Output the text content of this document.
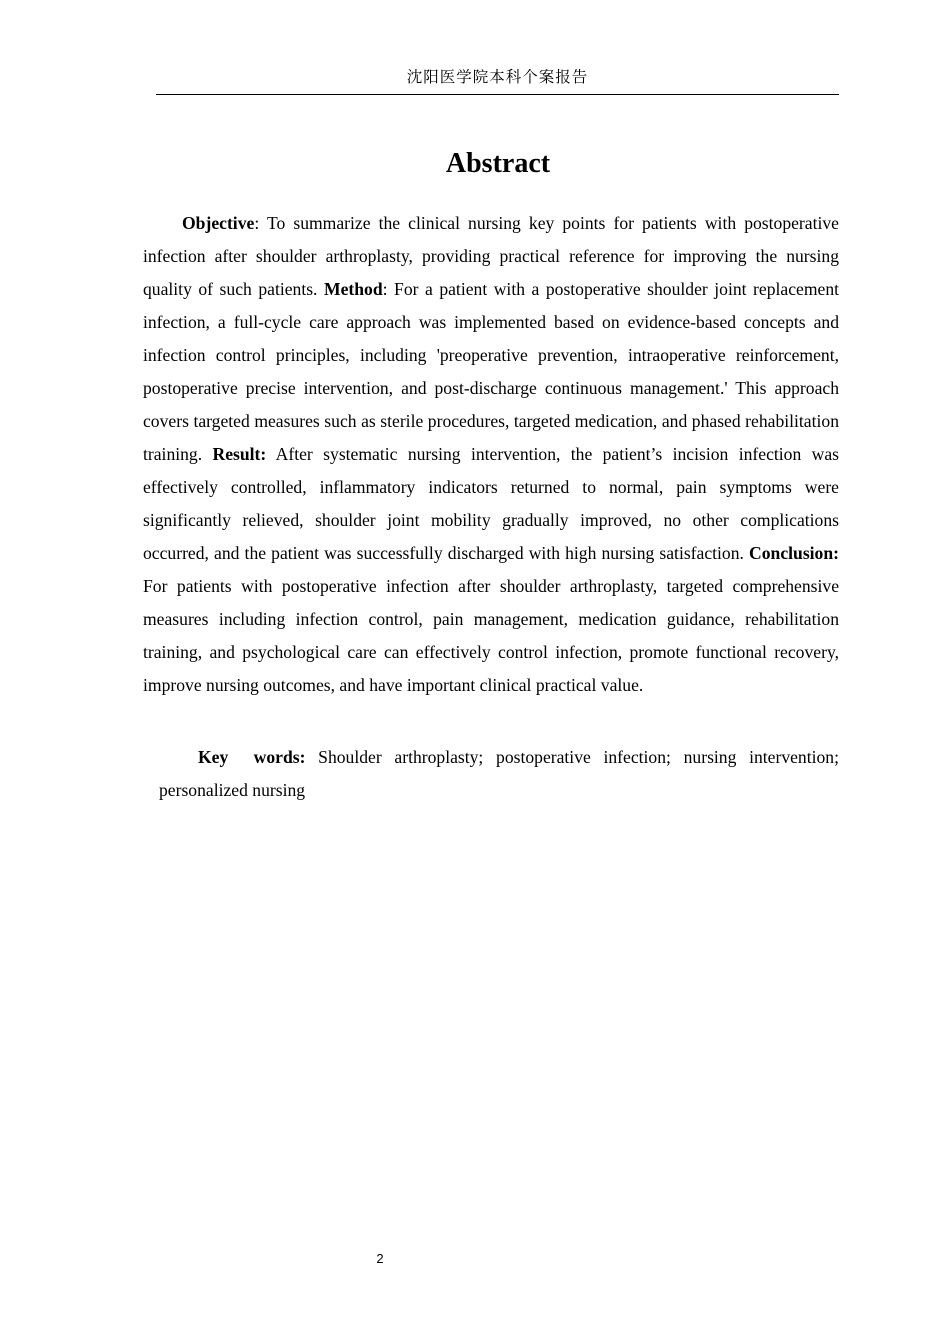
沈阳医学院本科个案报告
Abstract

Objective: To summarize the clinical nursing key points for patients with postoperative infection after shoulder arthroplasty, providing practical reference for improving the nursing quality of such patients. Method: For a patient with a postoperative shoulder joint replacement infection, a full-cycle care approach was implemented based on evidence-based concepts and infection control principles, including 'preoperative prevention, intraoperative reinforcement, postoperative precise intervention, and post-discharge continuous management.' This approach covers targeted measures such as sterile procedures, targeted medication, and phased rehabilitation training. Result: After systematic nursing intervention, the patient’s incision infection was effectively controlled, inflammatory indicators returned to normal, pain symptoms were significantly relieved, shoulder joint mobility gradually improved, no other complications occurred, and the patient was successfully discharged with high nursing satisfaction. Conclusion: For patients with postoperative infection after shoulder arthroplasty, targeted comprehensive measures including infection control, pain management, medication guidance, rehabilitation training, and psychological care can effectively control infection, promote functional recovery, improve nursing outcomes, and have important clinical practical value.

Key  words: Shoulder arthroplasty; postoperative infection; nursing intervention; personalized nursing

2
